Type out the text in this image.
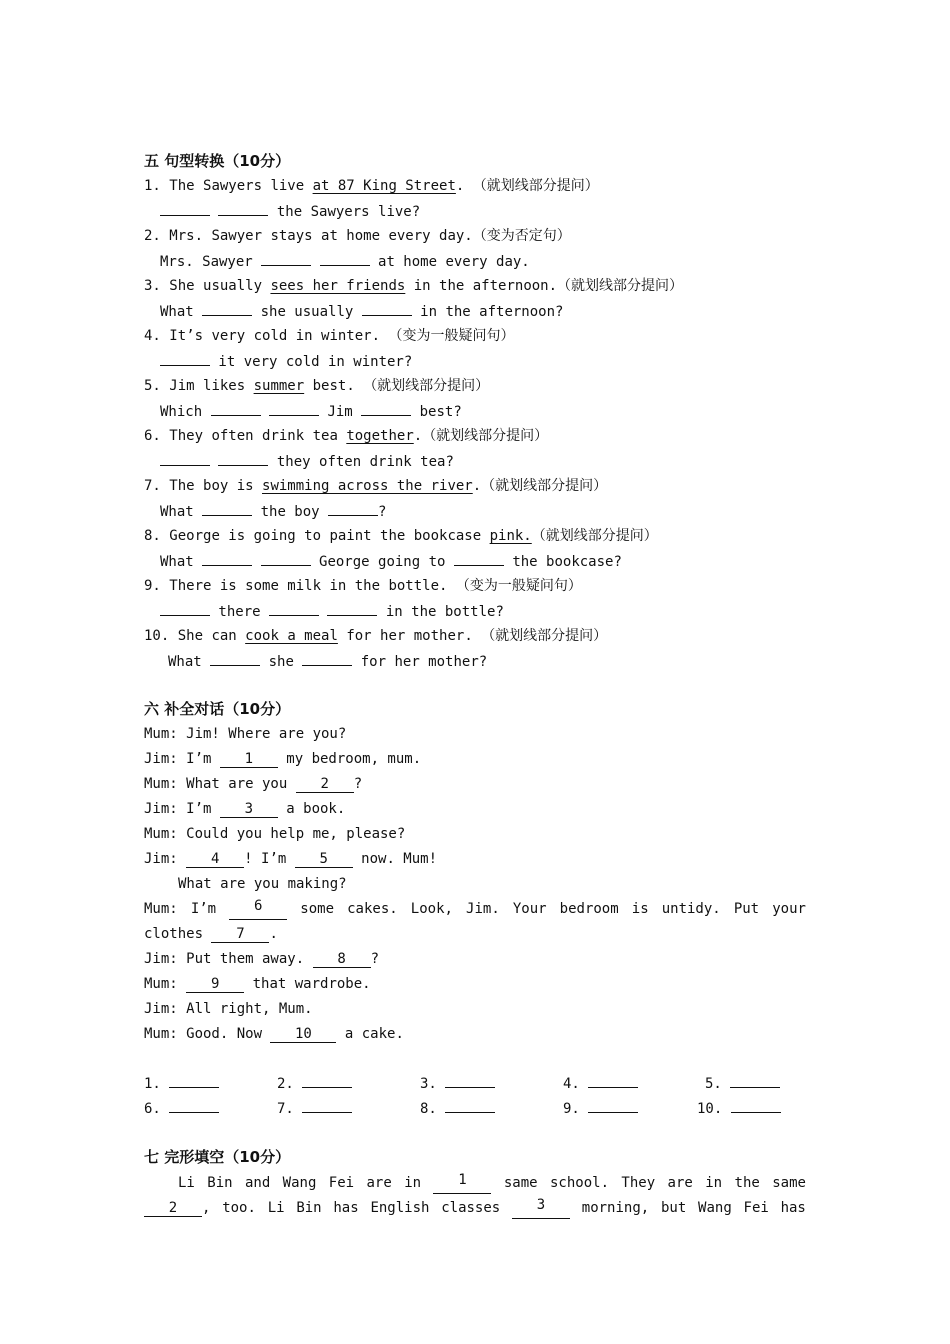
五 句型转换（10分）
1. The Sawyers live at 87 King Street. （就划线部分提问）
the Sawyers live?
2. Mrs. Sawyer stays at home every day.（变为否定句）
Mrs. Sawyer	at home every day.
3. She usually sees her friends in the afternoon.（就划线部分提问）
What	she usually	in the afternoon?
4. It’s very cold in winter. （变为一般疑问句）
it very cold in winter?
5. Jim likes summer best. （就划线部分提问）
Which	Jim	best?
6. They often drink tea together.（就划线部分提问）
they often drink tea?
7. The boy is swimming across the river.（就划线部分提问）
What	the boy	?
8. George is going to paint the bookcase pink.（就划线部分提问）
What	George going to	the bookcase?
9. There is some milk in the bottle. （变为一般疑问句）
there	in the bottle?
10. She can cook a meal for her mother. （就划线部分提问）
What	she	for her mother?
六 补全对话（10分）
Mum: Jim! Where are you?
Jim: I’m 1 my bedroom, mum.
Mum: What are you 2 ?
Jim: I’m 3 a book.
Mum: Could you help me, please?
Jim: 4 ! I’m 5 now. Mum!
What are you making?
Mum: I’m	6	some cakes. Look, Jim. Your bedroom is untidy. Put your
clothes 7 .
Jim: Put them away. 8 ?
Mum: 9 that wardrobe.
Jim: All right, Mum.
Mum: Good. Now 10 a cake.
1.	2.	3.	4.	5.
6.	7.	8.	9.	10.
七 完形填空（10分）
Li Bin and Wang Fei are in	1	same school. They are in the same
2 , too. Li Bin has English classes	3	morning, but Wang Fei has
